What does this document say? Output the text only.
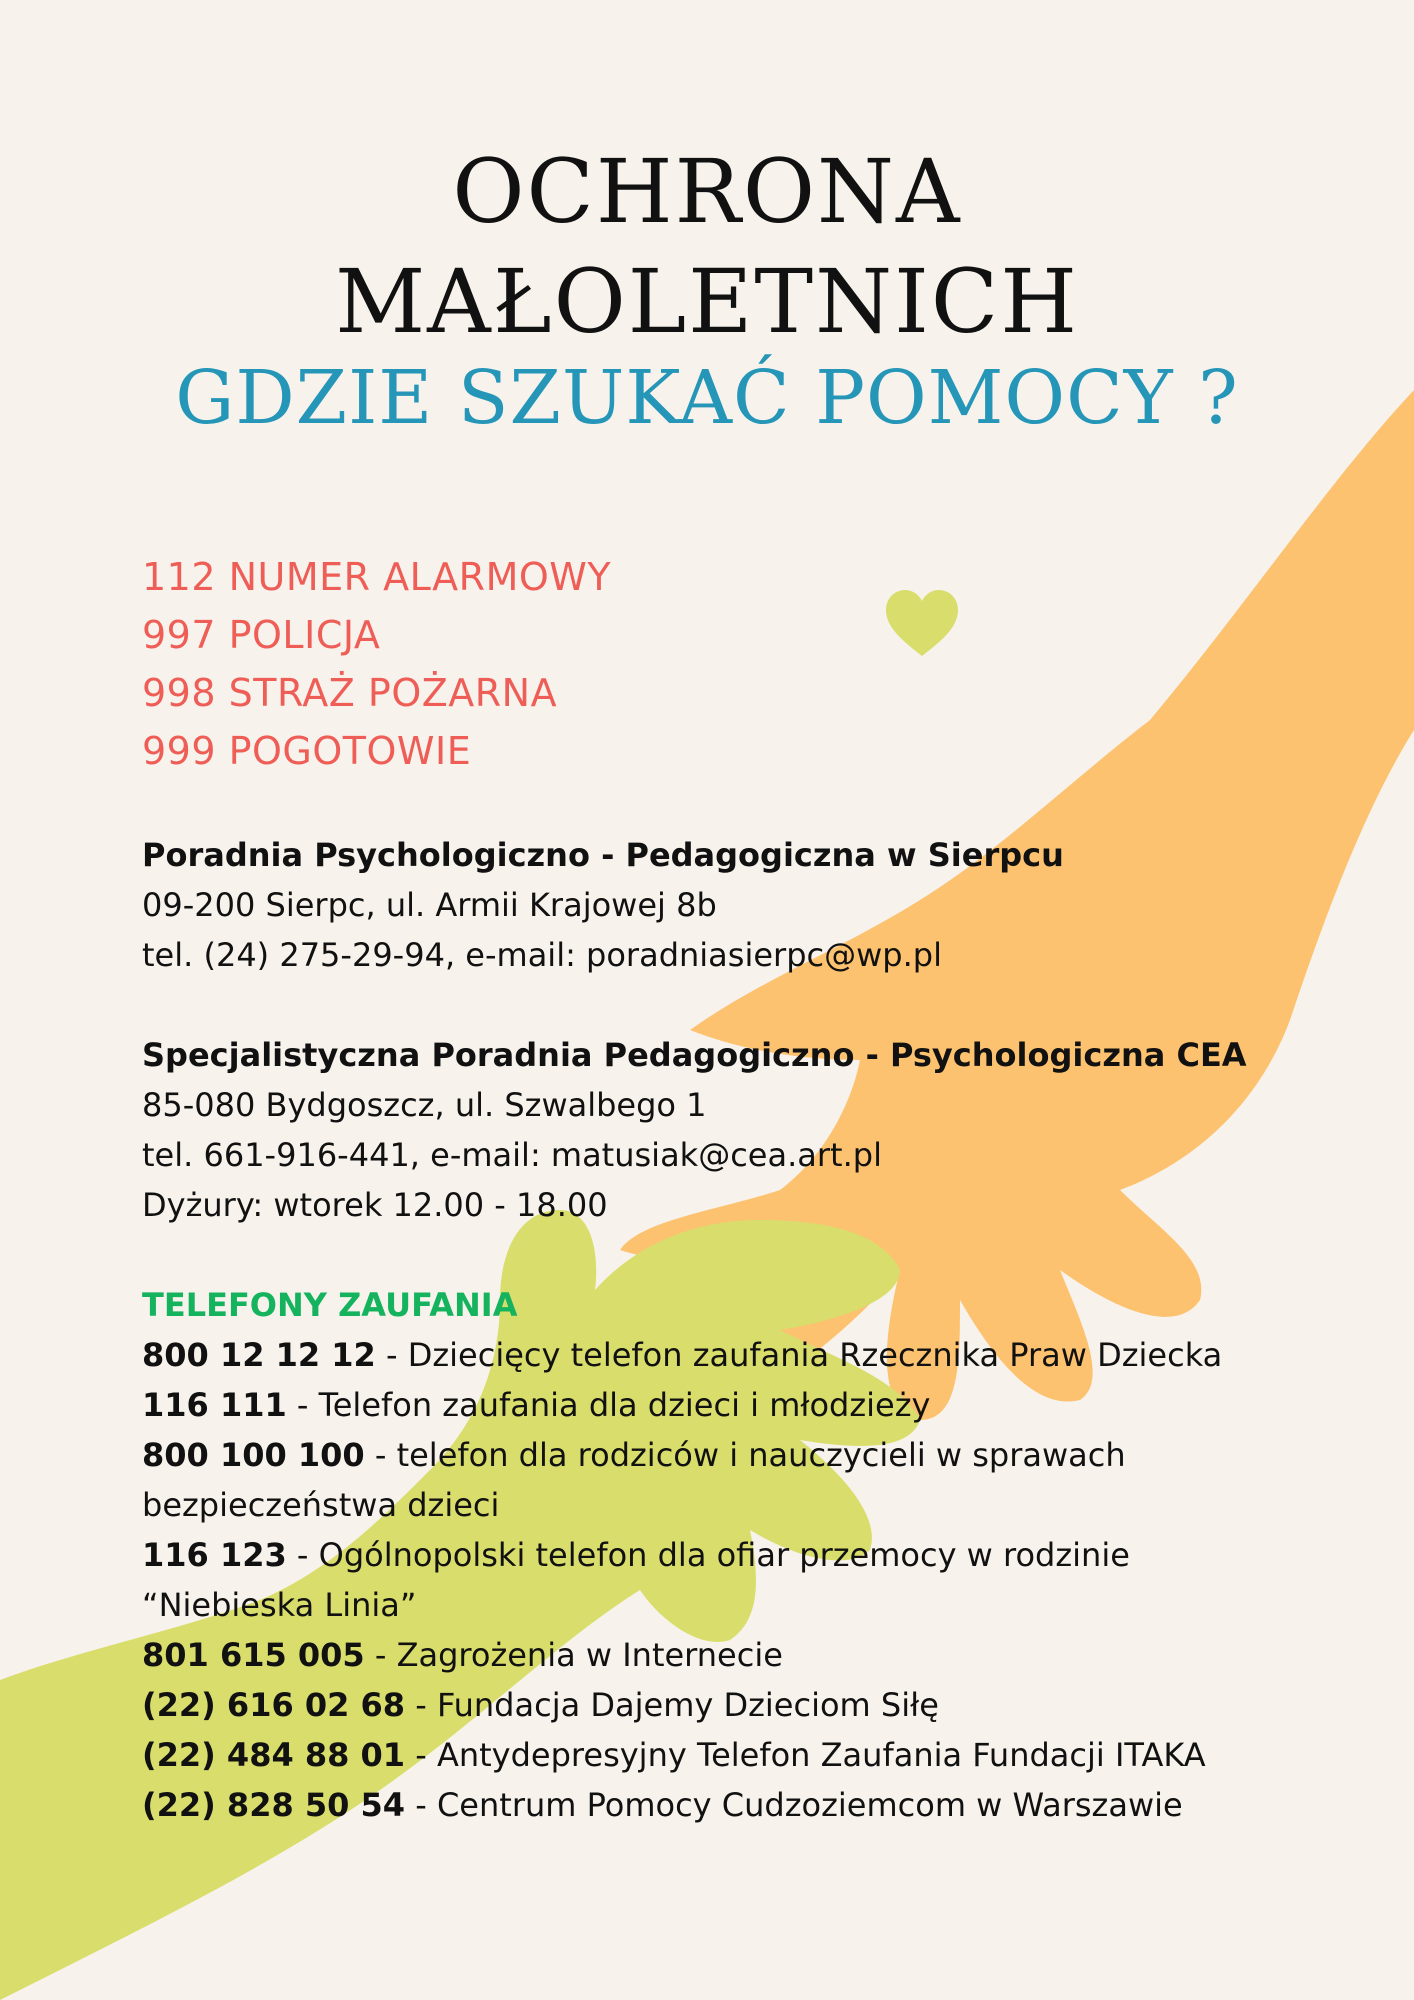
OCHRONA
MAŁOLETNICH
GDZIE SZUKAĆ POMOCY ?
112 NUMER ALARMOWY
997 POLICJA
998 STRAŻ POŻARNA
999 POGOTOWIE

Poradnia Psychologiczno - Pedagogiczna w Sierpcu

09-200 Sierpc, ul. Armii Krajowej 8b

tel. (24) 275-29-94, e-mail: poradniasierpc@wp.pl

Specjalistyczna Poradnia Pedagogiczno - Psychologiczna CEA

85-080 Bydgoszcz, ul. Szwalbego 1

tel. 661-916-441, e-mail: matusiak@cea.art.pl

Dyżury: wtorek 12.00 - 18.00

TELEFONY ZAUFANIA

800 12 12 12 - Dziecięcy telefon zaufania Rzecznika Praw Dziecka
116 111 - Telefon zaufania dla dzieci i młodzieży
800 100 100 - telefon dla rodziców i nauczycieli w sprawach
bezpieczeństwa dzieci
116 123 - Ogólnopolski telefon dla ofiar przemocy w rodzinie
“Niebieska Linia”
801 615 005 - Zagrożenia w Internecie
(22) 616 02 68 - Fundacja Dajemy Dzieciom Siłę
(22) 484 88 01 - Antydepresyjny Telefon Zaufania Fundacji ITAKA
(22) 828 50 54 - Centrum Pomocy Cudzoziemcom w Warszawie
